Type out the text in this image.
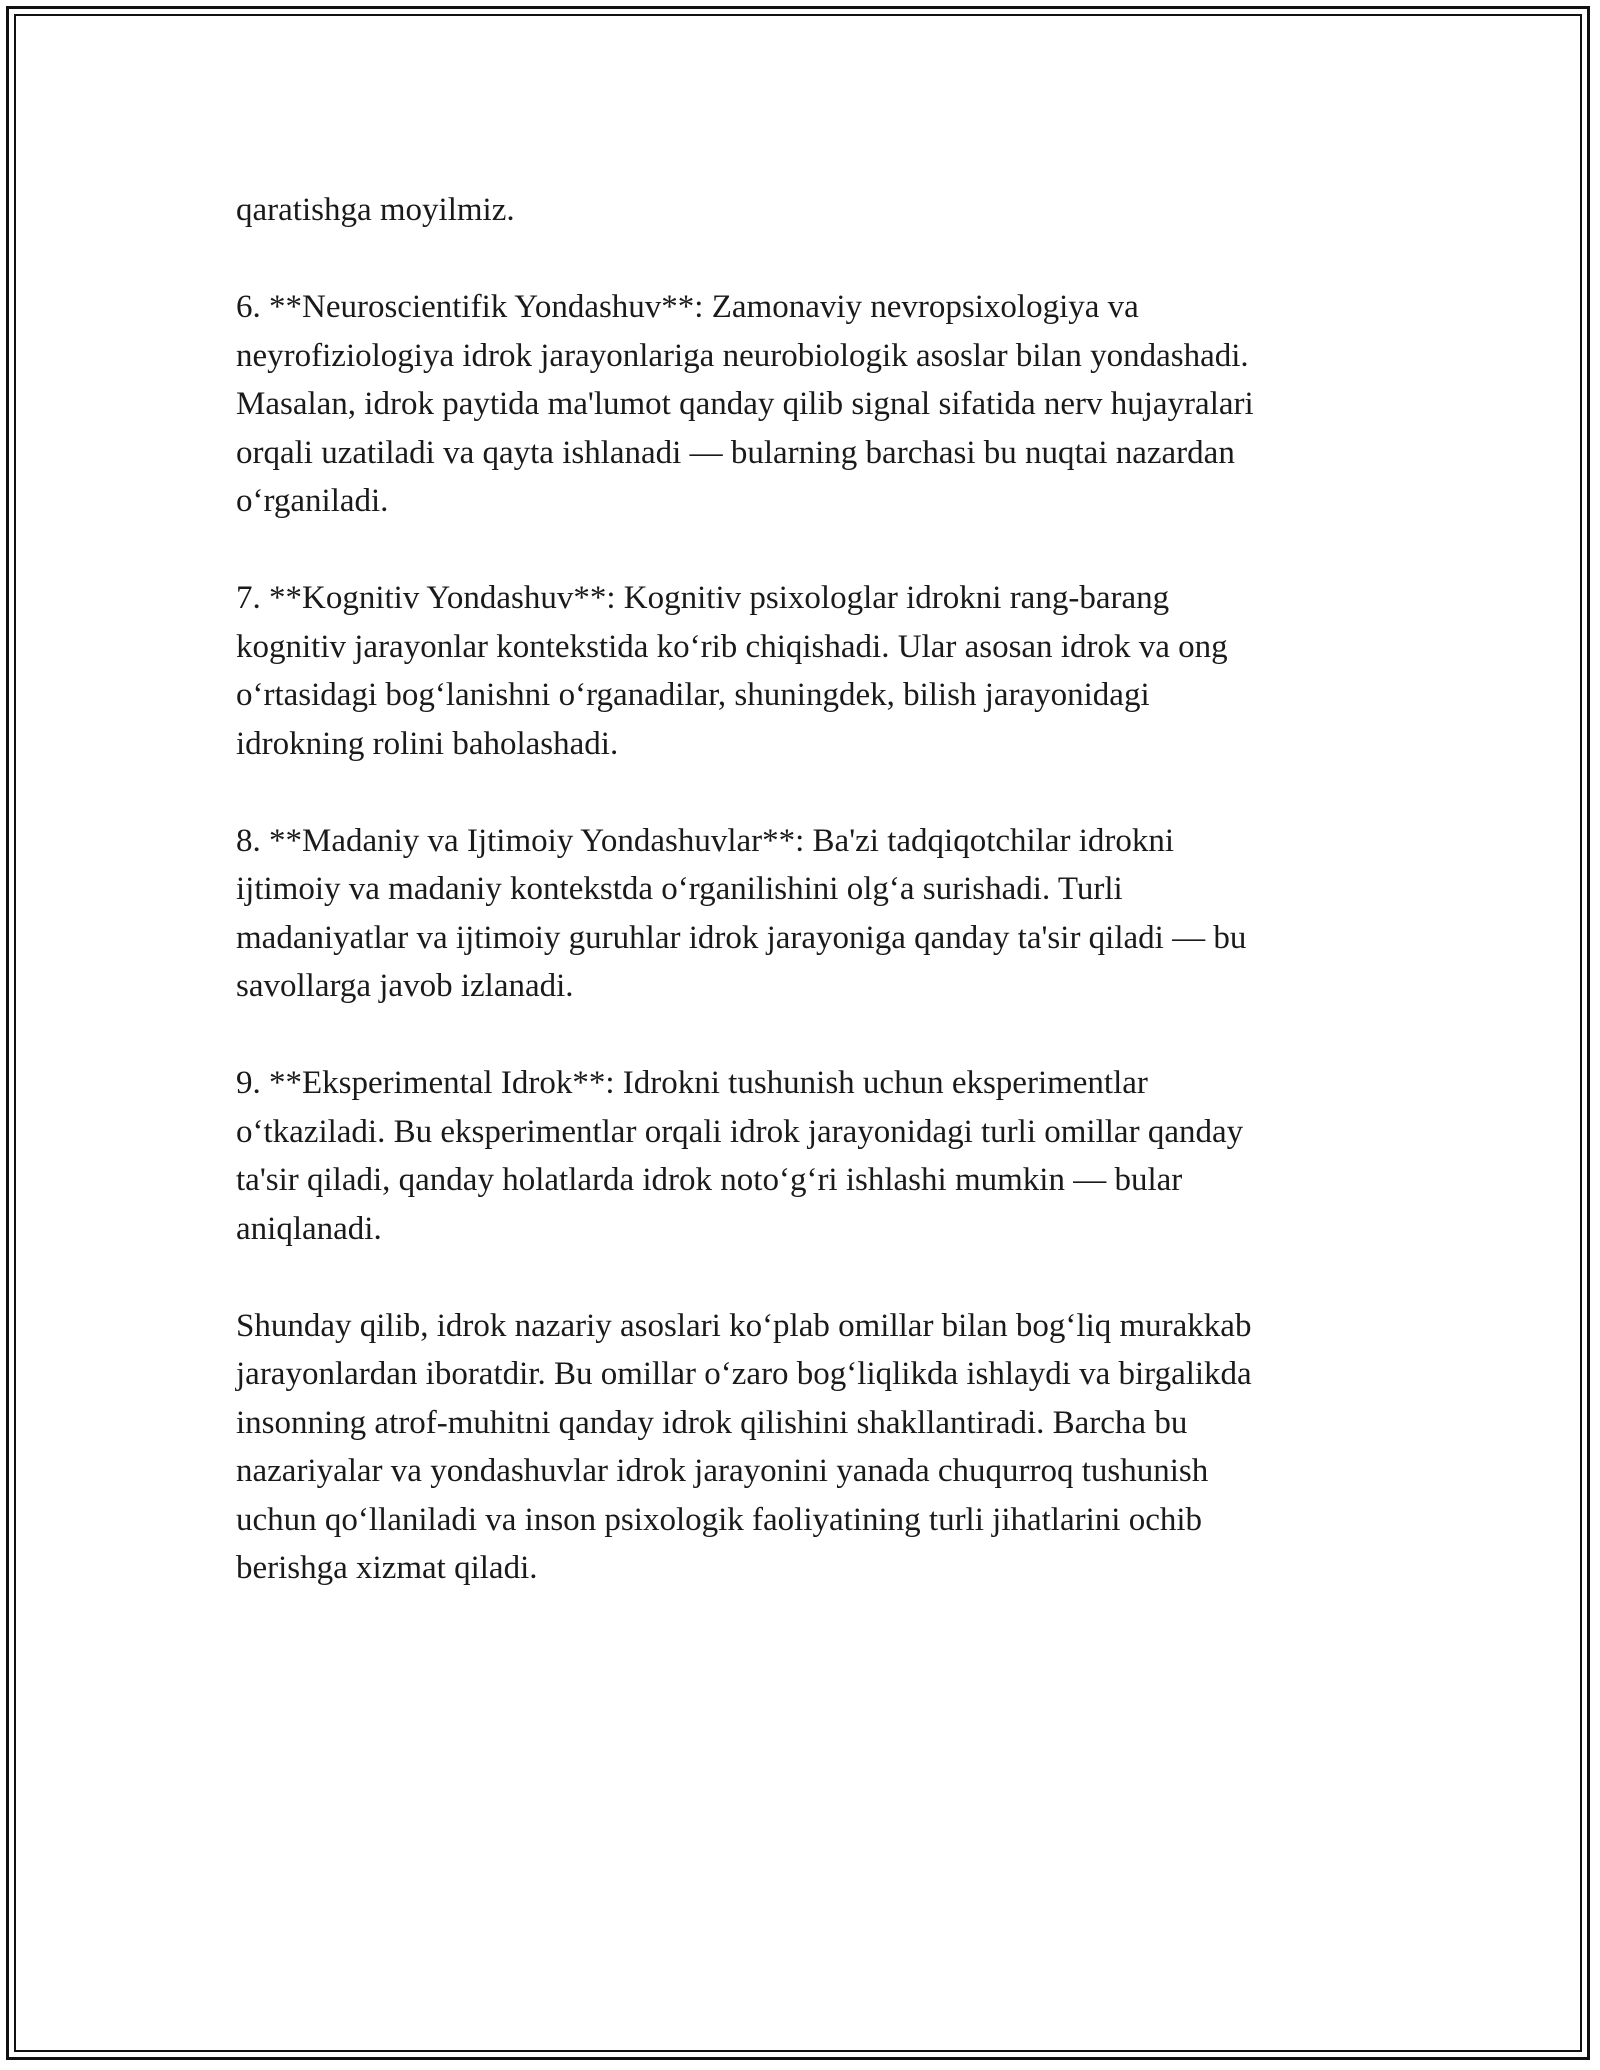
qaratishga moyilmiz.

6. **Neuroscientifik Yondashuv**: Zamonaviy nevropsixologiya va
neyrofiziologiya idrok jarayonlariga neurobiologik asoslar bilan yondashadi.
Masalan, idrok paytida ma'lumot qanday qilib signal sifatida nerv hujayralari
orqali uzatiladi va qayta ishlanadi — bularning barchasi bu nuqtai nazardan
o‘rganiladi.

7. **Kognitiv Yondashuv**: Kognitiv psixologlar idrokni rang-barang
kognitiv jarayonlar kontekstida ko‘rib chiqishadi. Ular asosan idrok va ong
o‘rtasidagi bog‘lanishni o‘rganadilar, shuningdek, bilish jarayonidagi
idrokning rolini baholashadi.

8. **Madaniy va Ijtimoiy Yondashuvlar**: Ba'zi tadqiqotchilar idrokni
ijtimoiy va madaniy kontekstda o‘rganilishini olg‘a surishadi. Turli
madaniyatlar va ijtimoiy guruhlar idrok jarayoniga qanday ta'sir qiladi — bu
savollarga javob izlanadi.

9. **Eksperimental Idrok**: Idrokni tushunish uchun eksperimentlar
o‘tkaziladi. Bu eksperimentlar orqali idrok jarayonidagi turli omillar qanday
ta'sir qiladi, qanday holatlarda idrok noto‘g‘ri ishlashi mumkin — bular
aniqlanadi.

Shunday qilib, idrok nazariy asoslari ko‘plab omillar bilan bog‘liq murakkab
jarayonlardan iboratdir. Bu omillar o‘zaro bog‘liqlikda ishlaydi va birgalikda
insonning atrof-muhitni qanday idrok qilishini shakllantiradi. Barcha bu
nazariyalar va yondashuvlar idrok jarayonini yanada chuqurroq tushunish
uchun qo‘llaniladi va inson psixologik faoliyatining turli jihatlarini ochib
berishga xizmat qiladi.
